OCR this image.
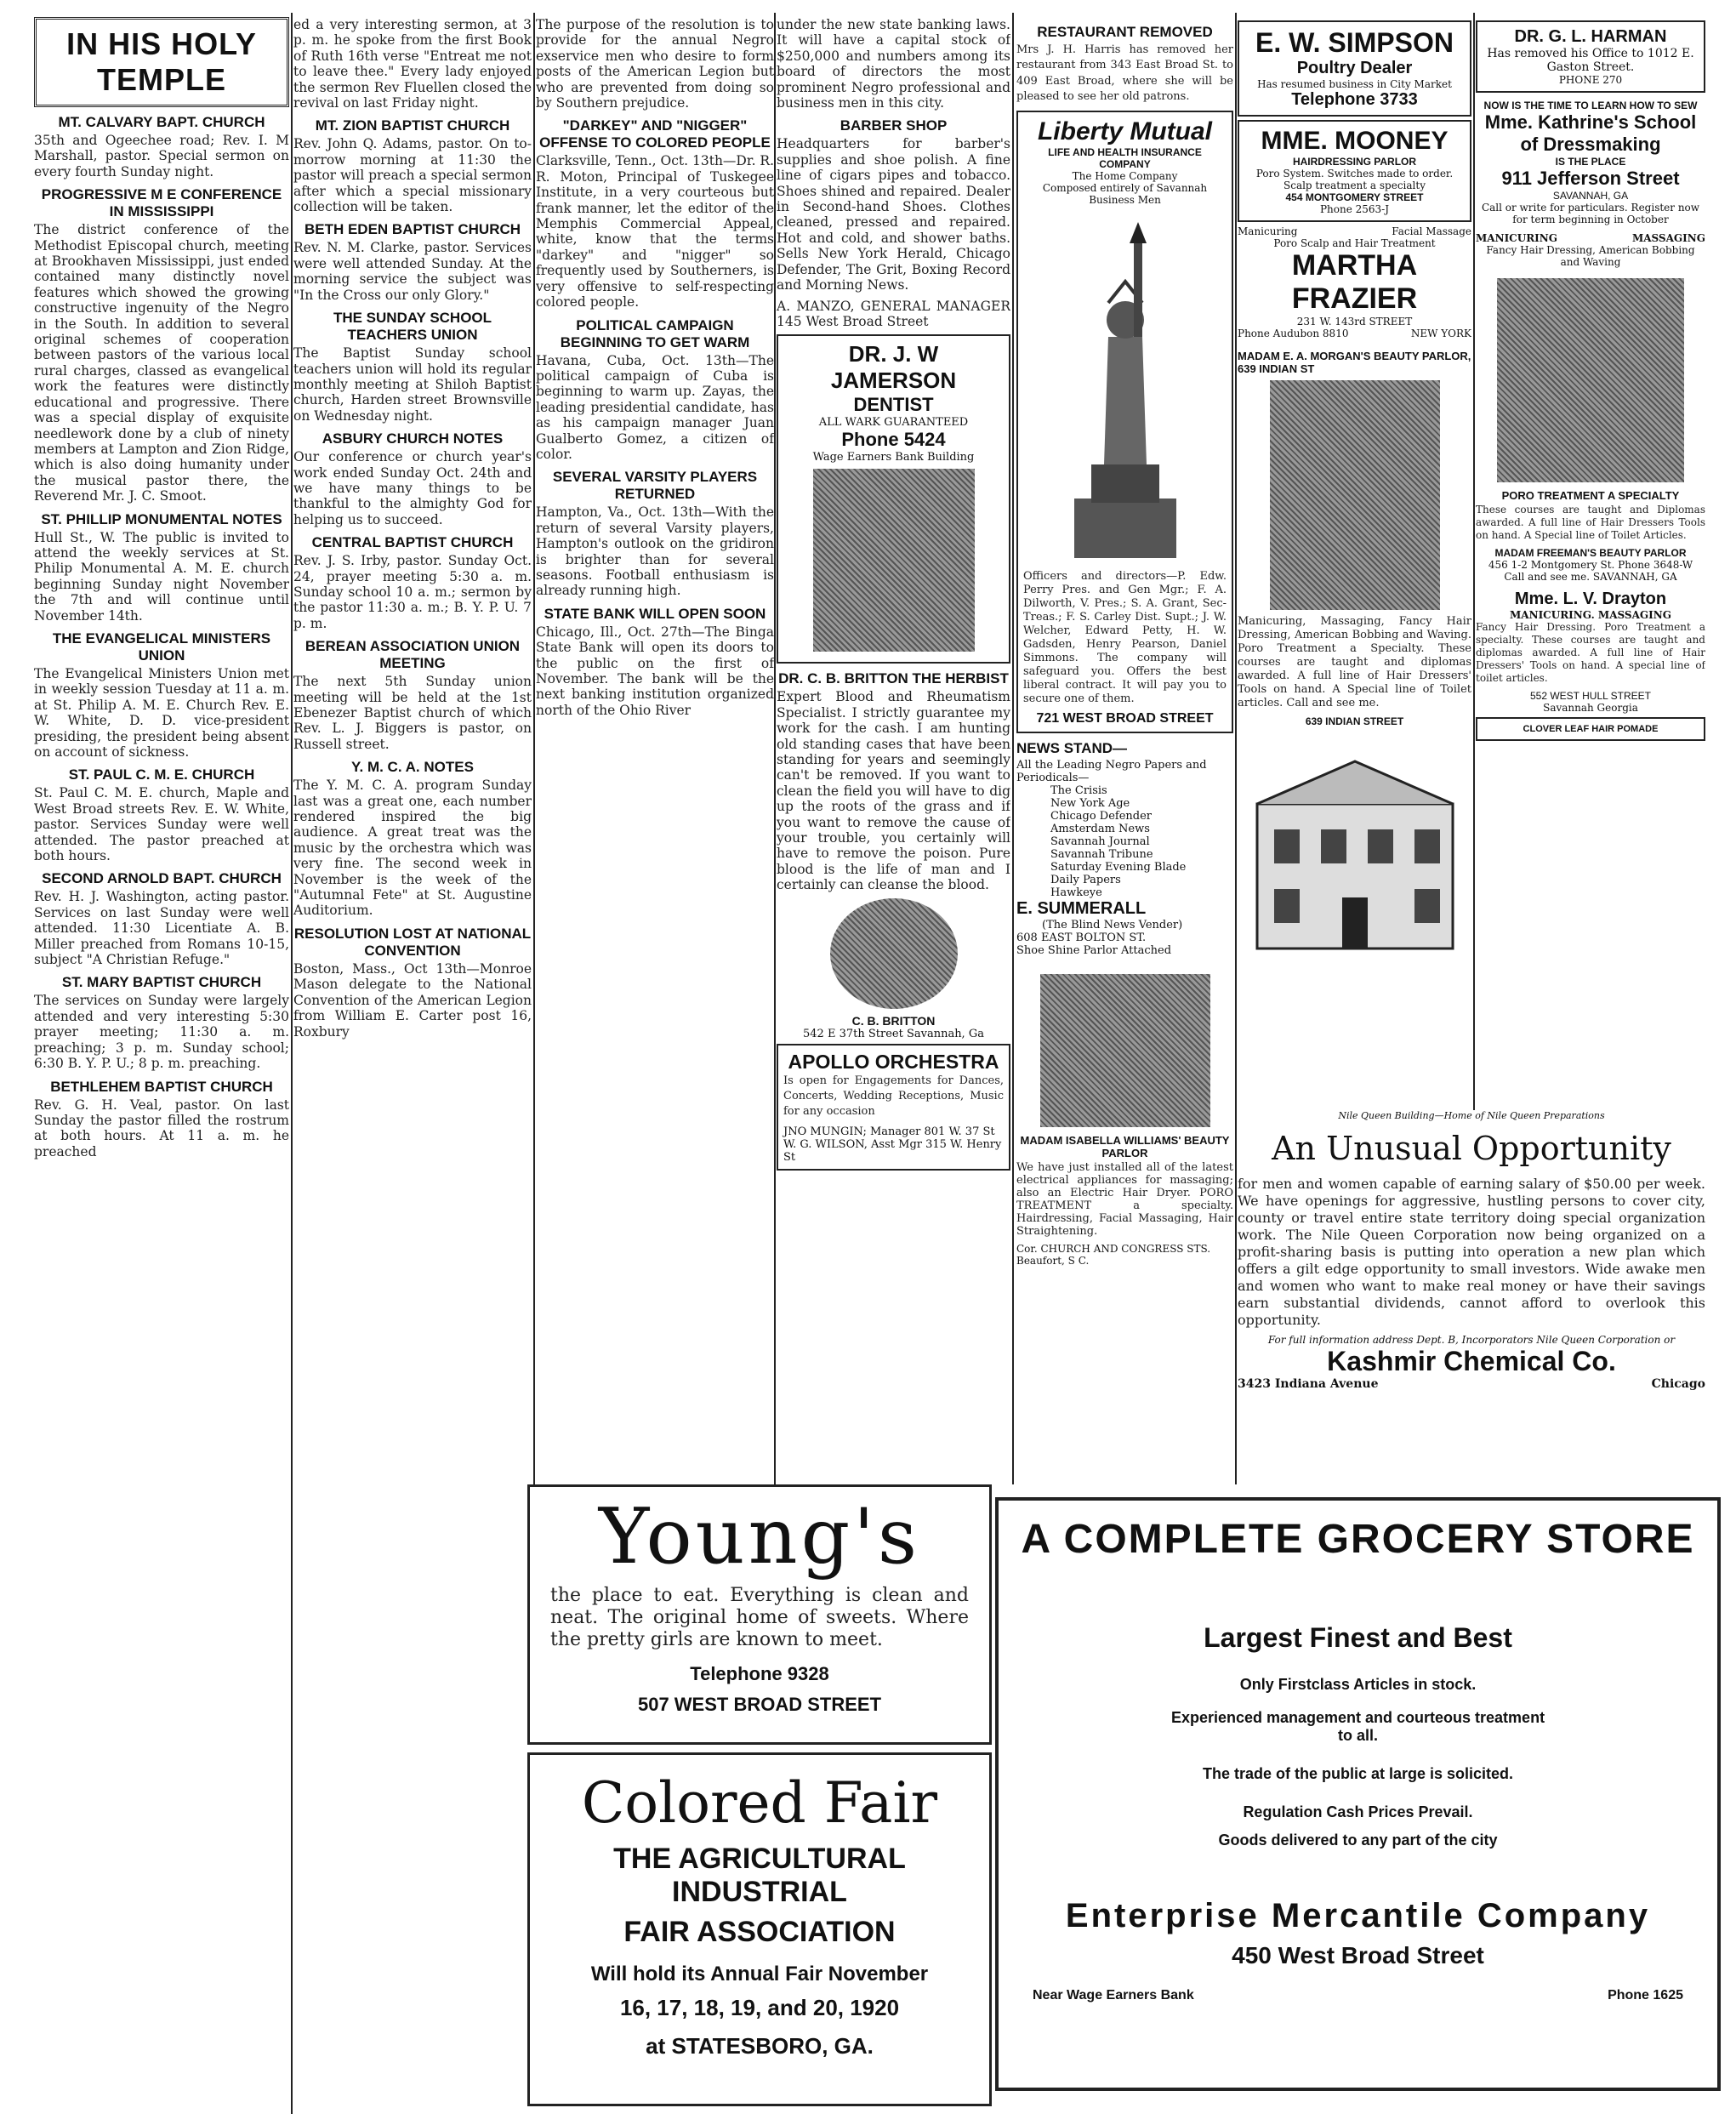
IN HIS HOLY TEMPLE
MT. CALVARY BAPT. CHURCH

35th and Ogeechee road; Rev. I. M Marshall, pastor. Special sermon on every fourth Sunday night.

PROGRESSIVE M E CONFERENCE IN MISSISSIPPI

The district conference of the Methodist Episcopal church, meeting at Brookhaven Mississippi, just ended contained many distinctly novel features which showed the growing constructive ingenuity of the Negro in the South. In addition to several original schemes of cooperation between pastors of the various local rural charges, classed as evangelical work the features were distinctly educational and progressive. There was a special display of exquisite needlework done by a club of ninety members at Lampton and Zion Ridge, which is also doing humanity under the musical pastor there, the Reverend Mr. J. C. Smoot.

ST. PHILLIP MONUMENTAL NOTES

Hull St., W. The public is invited to attend the weekly services at St. Philip Monumental A. M. E. church beginning Sunday night November the 7th and will continue until November 14th.

THE EVANGELICAL MINISTERS UNION

The Evangelical Ministers Union met in weekly session Tuesday at 11 a. m. at St. Philip A. M. E. Church Rev. E. W. White, D. D. vice-president presiding, the president being absent on account of sickness.

ST. PAUL C. M. E. CHURCH

St. Paul C. M. E. church, Maple and West Broad streets Rev. E. W. White, pastor. Services Sunday were well attended. The pastor preached at both hours.

SECOND ARNOLD BAPT. CHURCH

Rev. H. J. Washington, acting pastor. Services on last Sunday were well attended. 11:30 Licentiate A. B. Miller preached from Romans 10-15, subject "A Christian Refuge."

ST. MARY BAPTIST CHURCH

The services on Sunday were largely attended and very interesting 5:30 prayer meeting; 11:30 a. m. preaching; 3 p. m. Sunday school; 6:30 B. Y. P. U.; 8 p. m. preaching.

BETHLEHEM BAPTIST CHURCH

Rev. G. H. Veal, pastor. On last Sunday the pastor filled the rostrum at both hours. At 11 a. m. he preached

ed a very interesting sermon, at 3 p. m. he spoke from the first Book of Ruth 16th verse "Entreat me not to leave thee." Every lady enjoyed the sermon Rev Fluellen closed the revival on last Friday night.

MT. ZION BAPTIST CHURCH

Rev. John Q. Adams, pastor. On to-morrow morning at 11:30 the pastor will preach a special sermon after which a special missionary collection will be taken.

BETH EDEN BAPTIST CHURCH

Rev. N. M. Clarke, pastor. Services were well attended Sunday. At the morning service the subject was "In the Cross our only Glory."

THE SUNDAY SCHOOL TEACHERS UNION

The Baptist Sunday school teachers union will hold its regular monthly meeting at Shiloh Baptist church, Harden street Brownsville on Wednesday night.

ASBURY CHURCH NOTES

Our conference or church year's work ended Sunday Oct. 24th and we have many things to be thankful to the almighty God for helping us to succeed.

CENTRAL BAPTIST CHURCH

Rev. J. S. Irby, pastor. Sunday Oct. 24, prayer meeting 5:30 a. m. Sunday school 10 a. m.; sermon by the pastor 11:30 a. m.; B. Y. P. U. 7 p. m.

BEREAN ASSOCIATION UNION MEETING

The next 5th Sunday union meeting will be held at the 1st Ebenezer Baptist church of which Rev. L. J. Biggers is pastor, on Russell street.

Y. M. C. A. NOTES

The Y. M. C. A. program Sunday last was a great one, each number rendered inspired the big audience. A great treat was the music by the orchestra which was very fine. The second week in November is the week of the "Autumnal Fete" at St. Augustine Auditorium.

RESOLUTION LOST AT NATIONAL CONVENTION

Boston, Mass., Oct 13th—Monroe Mason delegate to the National Convention of the American Legion from William E. Carter post 16, Roxbury

The purpose of the resolution is to provide for the annual Negro exservice men who desire to form posts of the American Legion but who are prevented from doing so by Southern prejudice.

"DARKEY" AND "NIGGER" OFFENSE TO COLORED PEOPLE

Clarksville, Tenn., Oct. 13th—Dr. R. R. Moton, Principal of Tuskegee Institute, in a very courteous but frank manner, let the editor of the Memphis Commercial Appeal, white, know that the terms "darkey" and "nigger" so frequently used by Southerners, is very offensive to self-respecting colored people.

POLITICAL CAMPAIGN BEGINNING TO GET WARM

Havana, Cuba, Oct. 13th—The political campaign of Cuba is beginning to warm up. Zayas, the leading presidential candidate, has as his campaign manager Juan Gualberto Gomez, a citizen of color.

SEVERAL VARSITY PLAYERS RETURNED

Hampton, Va., Oct. 13th—With the return of several Varsity players, Hampton's outlook on the gridiron is brighter than for several seasons. Football enthusiasm is already running high.

STATE BANK WILL OPEN SOON

Chicago, Ill., Oct. 27th—The Binga State Bank will open its doors to the public on the first of November. The bank will be the next banking institution organized north of the Ohio River

under the new state banking laws. It will have a capital stock of $250,000 and numbers among its board of directors the most prominent Negro professional and business men in this city.

BARBER SHOP

Headquarters for barber's supplies and shoe polish. A fine line of cigars pipes and tobacco. Shoes shined and repaired. Dealer in Second-hand Shoes. Clothes cleaned, pressed and repaired. Hot and cold, and shower baths. Sells New York Herald, Chicago Defender, The Grit, Boxing Record and Morning News.

A. MANZO, GENERAL MANAGER 145 West Broad Street

DR. J. W JAMERSON
DENTIST
ALL WARK GUARANTEED
Phone 5424
Wage Earners Bank Building
DR. C. B. BRITTON THE HERBIST

Expert Blood and Rheumatism Specialist. I strictly guarantee my work for the cash. I am hunting old standing cases that have been standing for years and seemingly can't be removed. If you want to clean the field you will have to dig up the roots of the grass and if you want to remove the cause of your trouble, you certainly will have to remove the poison. Pure blood is the life of man and I certainly can cleanse the blood.

C. B. BRITTON
542 E 37th Street Savannah, Ga
APOLLO ORCHESTRA

Is open for Engagements for Dances, Concerts, Wedding Receptions, Music for any occasion

JNO MUNGIN; Manager 801 W. 37 St
W. G. WILSON, Asst Mgr 315 W. Henry St
RESTAURANT REMOVED

Mrs J. H. Harris has removed her restaurant from 343 East Broad St. to 409 East Broad, where she will be pleased to see her old patrons.

Liberty Mutual
LIFE AND HEALTH INSURANCE COMPANY
The Home Company
Composed entirely of Savannah Business Men

Officers and directors—P. Edw. Perry Pres. and Gen Mgr.; F. A. Dilworth, V. Pres.; S. A. Grant, Sec-Treas.; F. S. Carley Dist. Supt.; J. W. Welcher, Edward Petty, H. W. Gadsden, Henry Pearson, Daniel Simmons. The company will safeguard you. Offers the best liberal contract. It will pay you to secure one of them.

721 WEST BROAD STREET
NEWS STAND—
All the Leading Negro Papers and Periodicals—
The Crisis
New York Age
Chicago Defender
Amsterdam News
Savannah Journal
Savannah Tribune
Saturday Evening Blade
Daily Papers
Hawkeye
E. SUMMERALL
(The Blind News Vender)
608 EAST BOLTON ST.
Shoe Shine Parlor Attached
MADAM ISABELLA WILLIAMS' BEAUTY PARLOR

We have just installed all of the latest electrical appliances for massaging; also an Electric Hair Dryer. PORO TREATMENT a specialty. Hairdressing, Facial Massaging, Hair Straightening.

Cor. CHURCH AND CONGRESS STS. Beaufort, S C.
E. W. SIMPSON
Poultry Dealer
Has resumed business in City Market
Telephone 3733
MME. MOONEY
HAIRDRESSING PARLOR
Poro System. Switches made to order. Scalp treatment a specialty
454 MONTGOMERY STREET
Phone 2563-J
Manicuring	Facial Massage
Poro Scalp and Hair Treatment
MARTHA FRAZIER
231 W. 143rd STREET
Phone Audubon 8810	NEW YORK
MADAM E. A. MORGAN'S BEAUTY PARLOR, 639 INDIAN ST

Manicuring, Massaging, Fancy Hair Dressing, American Bobbing and Waving. Poro Treatment a Specialty. These courses are taught and diplomas awarded. A full line of Hair Dressers' Tools on hand. A Special line of Toilet articles. Call and see me.

639 INDIAN STREET
DR. G. L. HARMAN
Has removed his Office to 1012 E. Gaston Street.
PHONE 270
NOW IS THE TIME TO LEARN HOW TO SEW
Mme. Kathrine's School of Dressmaking
IS THE PLACE
911 Jefferson Street
SAVANNAH, GA
Call or write for particulars. Register now for term beginning in October
MANICURING	MASSAGING
Fancy Hair Dressing, American Bobbing and Waving
PORO TREATMENT A SPECIALTY

These courses are taught and Diplomas awarded. A full line of Hair Dressers Tools on hand. A Special line of Toilet Articles.

MADAM FREEMAN'S BEAUTY PARLOR
456 1-2 Montgomery St. Phone 3648-W
Call and see me. SAVANNAH, GA
Mme. L. V. Drayton
MANICURING. MASSAGING

Fancy Hair Dressing. Poro Treatment a specialty. These courses are taught and diplomas awarded. A full line of Hair Dressers' Tools on hand. A special line of toilet articles.

552 WEST HULL STREET
Savannah Georgia
CLOVER LEAF HAIR POMADE
Nile Queen Building—Home of Nile Queen Preparations
An Unusual Opportunity

for men and women capable of earning salary of $50.00 per week. We have openings for aggressive, hustling persons to cover city, county or travel entire state territory doing special organization work. The Nile Queen Corporation now being organized on a profit-sharing basis is putting into operation a new plan which offers a gilt edge opportunity to small investors. Wide awake men and women who want to make real money or have their savings earn substantial dividends, cannot afford to overlook this opportunity.

For full information address Dept. B, Incorporators Nile Queen Corporation or
Kashmir Chemical Co.
3423 Indiana Avenue	Chicago
Young's

the place to eat. Everything is clean and neat. The original home of sweets. Where the pretty girls are known to meet.

Telephone 9328
507 WEST BROAD STREET
Colored Fair
THE AGRICULTURAL INDUSTRIAL
FAIR ASSOCIATION
Will hold its Annual Fair November
16, 17, 18, 19, and 20, 1920
at STATESBORO, GA.
A COMPLETE GROCERY STORE
Largest Finest and Best
Only Firstclass Articles in stock.
Experienced management and courteous treatment to all.
The trade of the public at large is solicited.
Regulation Cash Prices Prevail.
Goods delivered to any part of the city
Enterprise Mercantile Company
450 West Broad Street
Near Wage Earners Bank	Phone 1625
